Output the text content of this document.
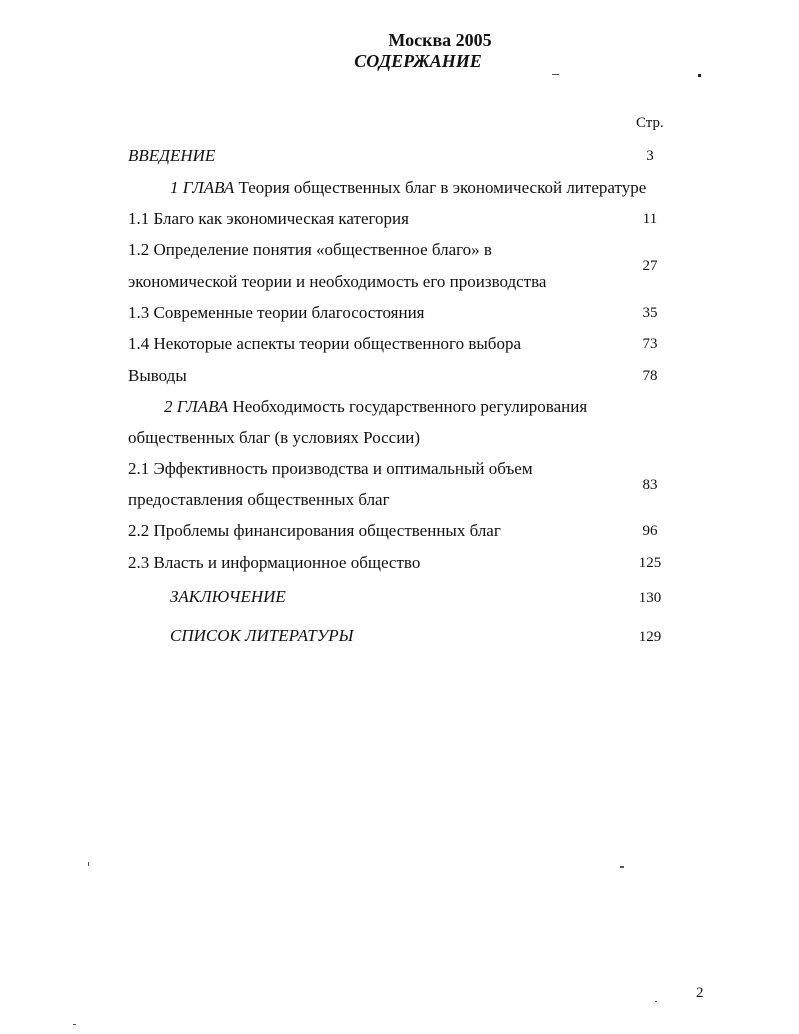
Москва 2005
СОДЕРЖАНИЕ
Стр.
ВВЕДЕНИЕ	3
1 ГЛАВА Теория общественных благ в экономической литературе
1.1 Благо как экономическая категория	11
1.2 Определение понятия «общественное благо» в
экономической теории и необходимость его производства
27
1.3 Современные теории благосостояния	35
1.4 Некоторые аспекты теории общественного выбора	73
Выводы	78
2 ГЛАВА Необходимость государственного регулирования
общественных благ (в условиях России)
2.1 Эффективность производства и оптимальный объем
предоставления общественных благ
83
2.2 Проблемы финансирования общественных благ	96
2.3 Власть и информационное общество	125
ЗАКЛЮЧЕНИЕ	130
СПИСОК ЛИТЕРАТУРЫ	129
2
